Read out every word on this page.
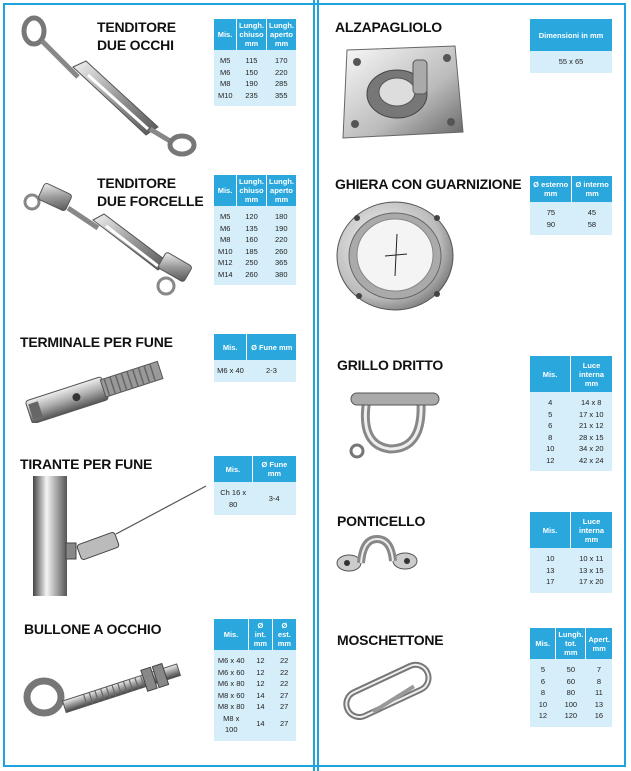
TENDITORE
DUE OCCHI
Mis.	Lungh. chiuso mm	Lungh. aperto mm

M5	115	170
M6	150	220
M8	190	285
M10	235	355

TENDITORE
DUE FORCELLE
Mis.	Lungh. chiuso mm	Lungh. aperto mm

M5	120	180
M6	135	190
M8	160	220
M10	185	260
M12	250	365
M14	260	380

TERMINALE PER FUNE	Mis.	Ø Fune mm

M6 x 40	2-3

TIRANTE PER FUNE	Mis.	Ø Fune mm

Ch 16 x 80	3-4

BULLONE A OCCHIO	Mis.	Ø int. mm	Ø est. mm

M6 x 40	12	22
M6 x 60	12	22
M6 x 80	12	22
M8 x 60	14	27
M8 x 80	14	27
M8 x 100	14	27

ALZAPAGLIOLO	Dimensioni in mm

55 x 65

GHIERA CON GUARNIZIONE Ø esterno mm	Ø interno mm

75	45
90	58

GRILLO DRITTO
Mis.	Luce interna mm

4	14 x 8
5	17 x 10
6	21 x 12
8	28 x 15
10	34 x 20
12	42 x 24

PONTICELLO
Mis.	Luce interna mm

10	10 x 11
13	13 x 15
17	17 x 20

MOSCHETTONE	Mis.	Lungh. tot. mm	Apert. mm

5	50	7
6	60	8
8	80	11
10	100	13
12	120	16
